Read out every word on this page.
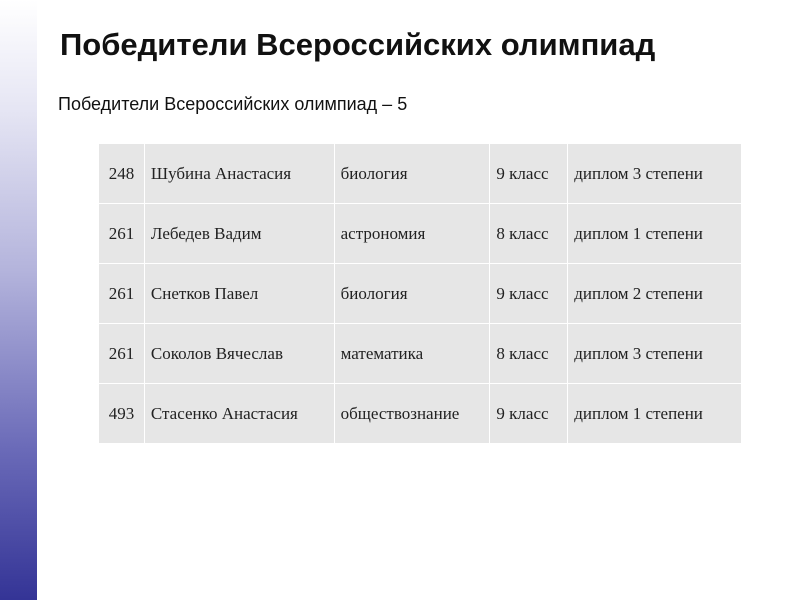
Победители Всероссийских олимпиад

Победители Всероссийских олимпиад – 5

248	Шубина Анастасия	биология	9 класс	диплом 3 степени
261	Лебедев Вадим	астрономия	8 класс	диплом 1 степени
261	Снетков Павел	биология	9 класс	диплом 2 степени
261	Соколов Вячеслав	математика	8 класс	диплом 3 степени
493	Стасенко Анастасия	обществознание	9 класс	диплом 1 степени
